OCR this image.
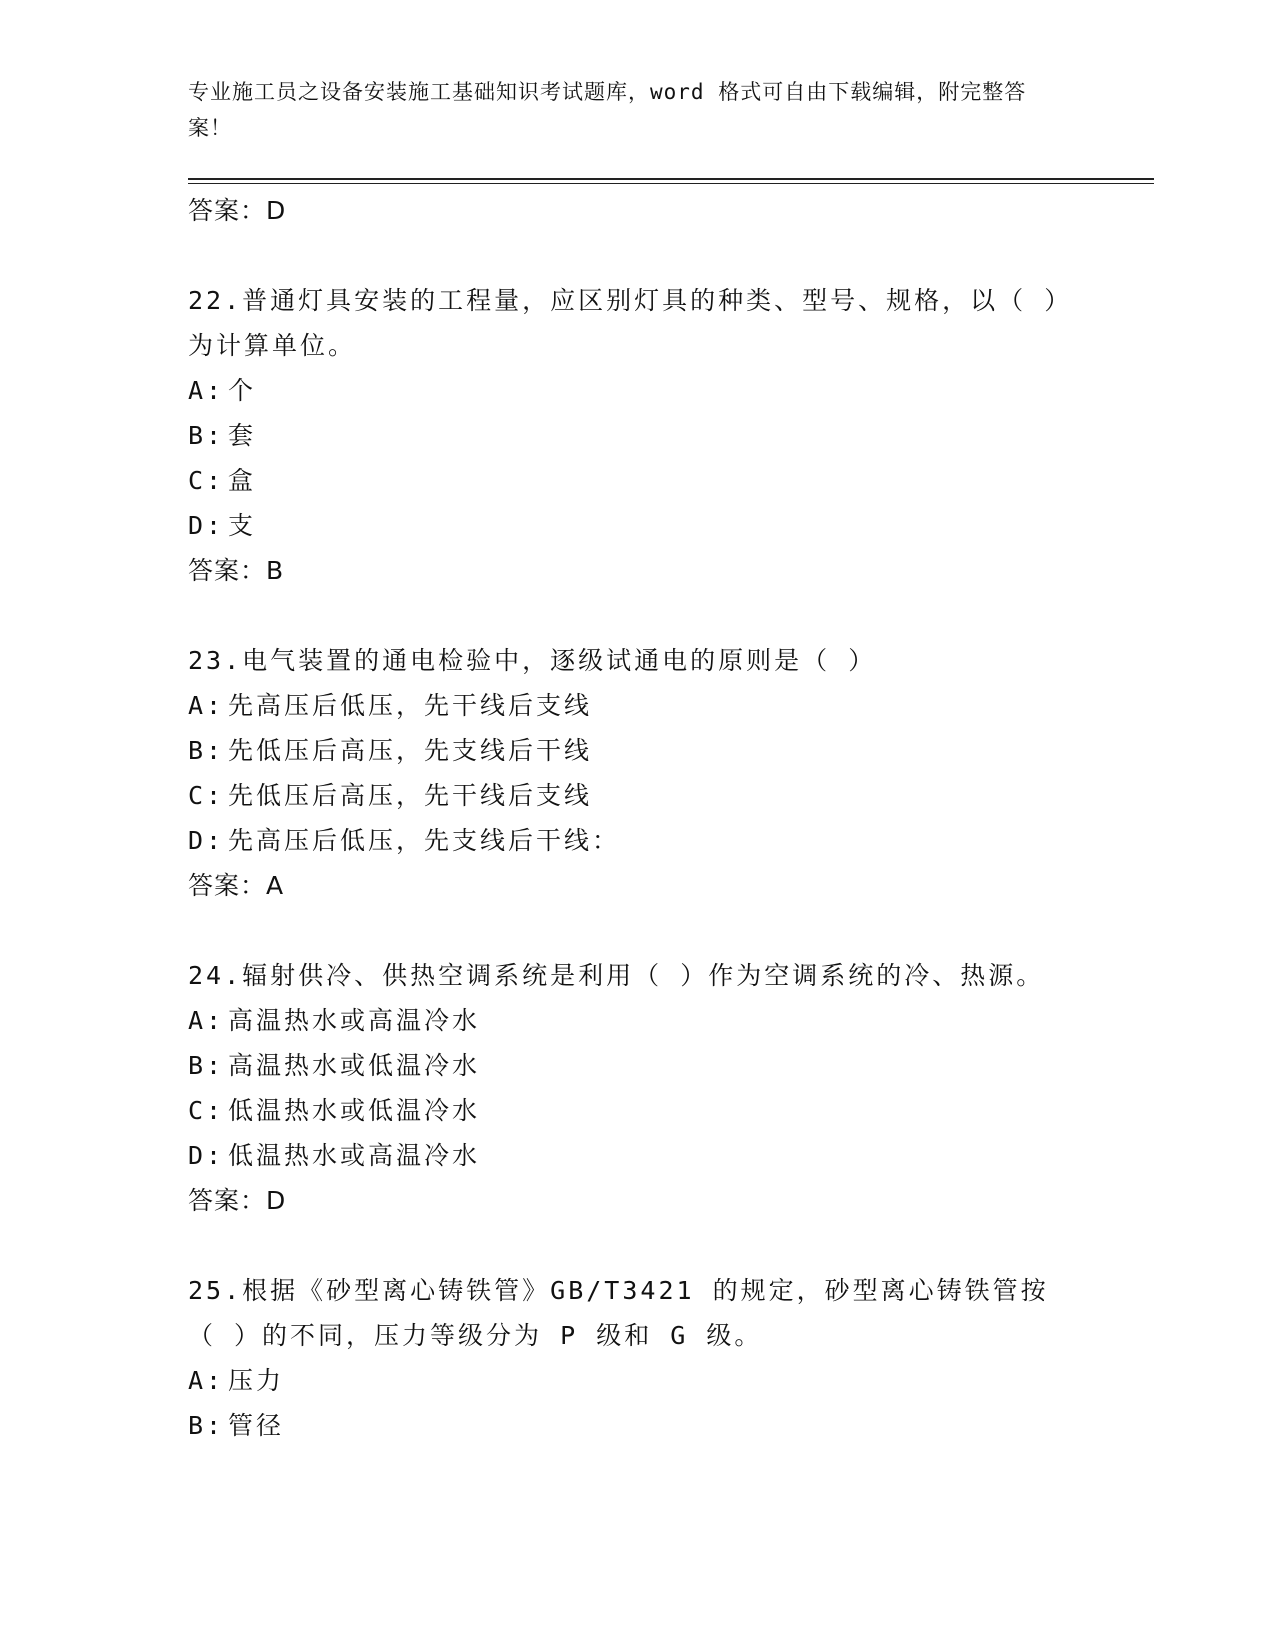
专业施工员之设备安装施工基础知识考试题库，word 格式可自由下载编辑，附完整答案！
答案：D
22.普通灯具安装的工程量，应区别灯具的种类、型号、规格，以（ ）为计算单位。
A: 个
B: 套
C: 盒
D: 支
答案：B
23.电气装置的通电检验中，逐级试通电的原则是（ ）
A: 先高压后低压，先干线后支线
B: 先低压后高压，先支线后干线
C: 先低压后高压，先干线后支线
D: 先高压后低压，先支线后干线：
答案：A
24.辐射供冷、供热空调系统是利用（ ）作为空调系统的冷、热源。
A: 高温热水或高温冷水
B: 高温热水或低温冷水
C: 低温热水或低温冷水
D: 低温热水或高温冷水
答案：D
25.根据《砂型离心铸铁管》GB/T3421 的规定，砂型离心铸铁管按（ ）的不同，压力等级分为 P 级和 G 级。
A: 压力
B: 管径
